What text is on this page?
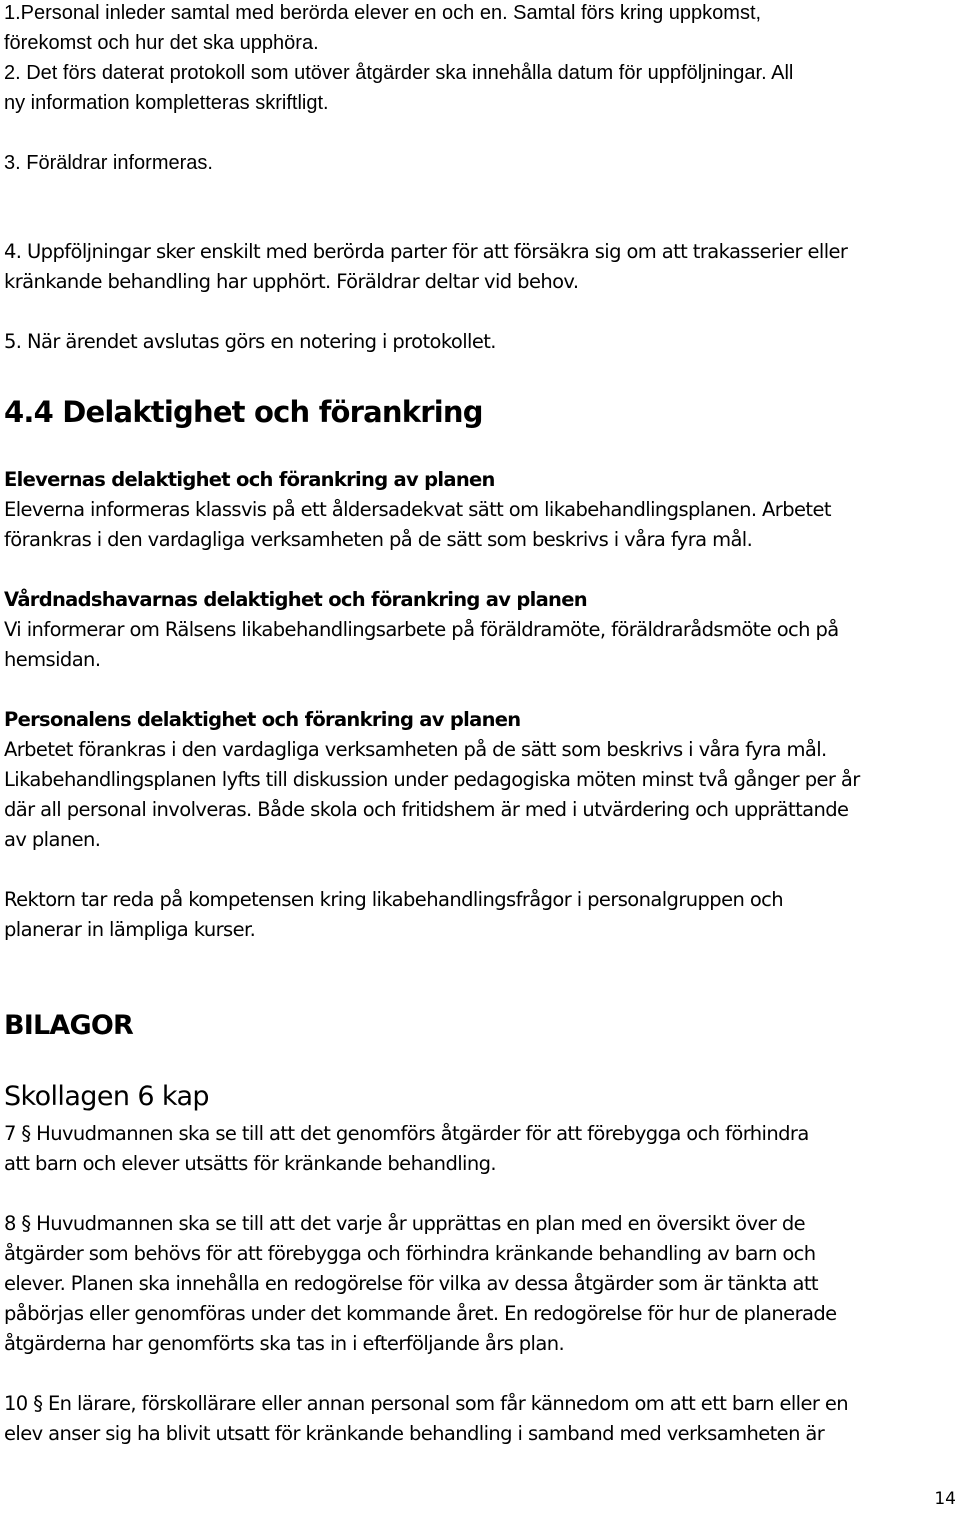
1.Personal inleder samtal med berörda elever en och en. Samtal förs kring uppkomst,

förekomst och hur det ska upphöra.

2. Det förs daterat protokoll som utöver åtgärder ska innehålla datum för uppföljningar. All

ny information kompletteras skriftligt.

3. Föräldrar informeras.

4. Uppföljningar sker enskilt med berörda parter för att försäkra sig om att trakasserier eller

kränkande behandling har upphört. Föräldrar deltar vid behov.

5. När ärendet avslutas görs en notering i protokollet.

4.4 Delaktighet och förankring
Elevernas delaktighet och förankring av planen

Eleverna informeras klassvis på ett åldersadekvat sätt om likabehandlingsplanen. Arbetet

förankras i den vardagliga verksamheten på de sätt som beskrivs i våra fyra mål.

Vårdnadshavarnas delaktighet och förankring av planen

Vi informerar om Rälsens likabehandlingsarbete på föräldramöte, föräldrarådsmöte och på

hemsidan.

Personalens delaktighet och förankring av planen

Arbetet förankras i den vardagliga verksamheten på de sätt som beskrivs i våra fyra mål.

Likabehandlingsplanen lyfts till diskussion under pedagogiska möten minst två gånger per år

där all personal involveras. Både skola och fritidshem är med i utvärdering och upprättande

av planen.

Rektorn tar reda på kompetensen kring likabehandlingsfrågor i personalgruppen och

planerar in lämpliga kurser.

BILAGOR
Skollagen 6 kap

7 § Huvudmannen ska se till att det genomförs åtgärder för att förebygga och förhindra

att barn och elever utsätts för kränkande behandling.

8 § Huvudmannen ska se till att det varje år upprättas en plan med en översikt över de

åtgärder som behövs för att förebygga och förhindra kränkande behandling av barn och

elever. Planen ska innehålla en redogörelse för vilka av dessa åtgärder som är tänkta att

påbörjas eller genomföras under det kommande året. En redogörelse för hur de planerade

åtgärderna har genomförts ska tas in i efterföljande års plan.

10 § En lärare, förskollärare eller annan personal som får kännedom om att ett barn eller en

elev anser sig ha blivit utsatt för kränkande behandling i samband med verksamheten är

14
